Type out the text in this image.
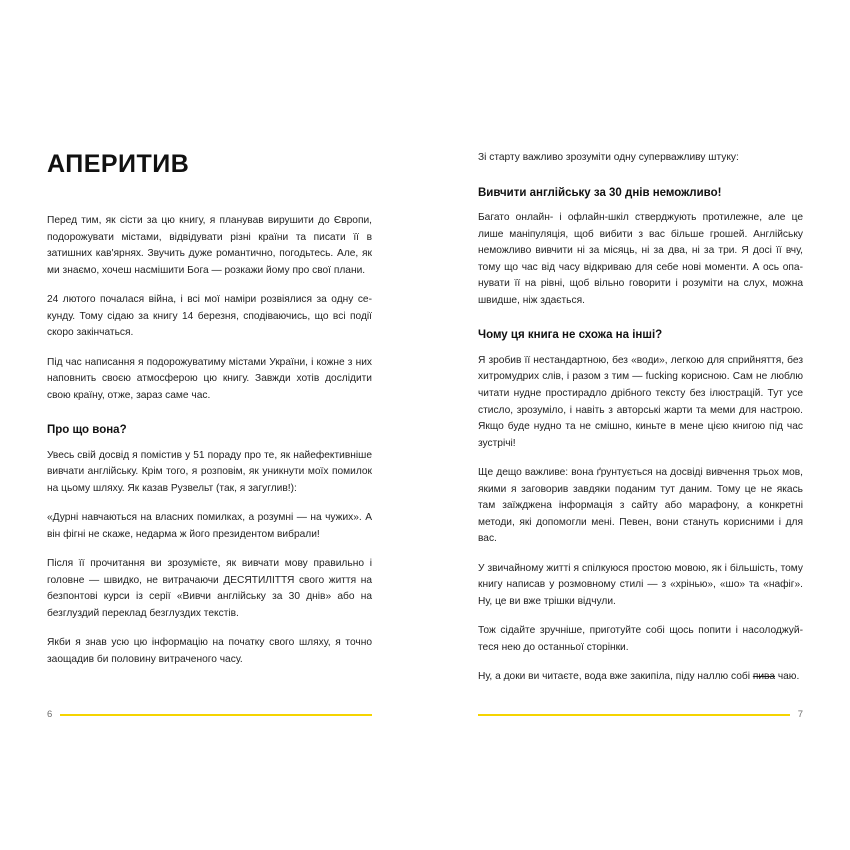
АПЕРИТИВ

Перед тим, як сісти за цю книгу, я планував вирушити до Європи, подорожувати містами, відвідувати різні країни та писати її в затишних кав'ярнях. Звучить дуже романтично, погодьтесь. Але, як ми знаємо, хочеш насмішити Бога — розкажи йому про свої плани.

24 лютого почалася війна, і всі мої наміри розвіялися за одну секунду. Тому сідаю за книгу 14 березня, сподіваючись, що всі події скоро закінчаться.

Під час написання я подорожуватиму містами України, і кожне з них наповнить своєю атмосферою цю книгу. Завжди хотів дослідити свою країну, отже, зараз саме час.

Про що вона?

Увесь свій досвід я помістив у 51 пораду про те, як найефективніше вивчати англійську. Крім того, я розповім, як уникнути моїх помилок на цьому шляху. Як казав Рузвельт (так, я загуглив!):

«Дурні навчаються на власних помилках, а розумні — на чужих». А він фігні не скаже, недарма ж його президентом вибрали!

Після її прочитання ви зрозумієте, як вивчати мову правильно і головне — швидко, не витрачаючи ДЕСЯТИЛІТТЯ свого життя на безпонтові курси із серії «Вивчи англійську за 30 днів» або на безглуздий переклад безглуздих текстів.

Якби я знав усю цю інформацію на початку свого шляху, я точно заощадив би половину витраченого часу.

Зі старту важливо зрозуміти одну суперважливу штуку:

Вивчити англійську за 30 днів неможливо!

Багато онлайн- і офлайн-шкіл стверджують протилежне, але це лише маніпуляція, щоб вибити з вас більше грошей. Англійську неможливо вивчити ні за місяць, ні за два, ні за три. Я досі її вчу, тому що час від часу відкриваю для себе нові моменти. А ось опанувати її на рівні, щоб вільно говорити і розуміти на слух, можна швидше, ніж здається.

Чому ця книга не схожа на інші?

Я зробив її нестандартною, без «води», легкою для сприйняття, без хитромудрих слів, і разом з тим — fucking корисною. Сам не люблю читати нудне простирадло дрібного тексту без ілюстрацій. Тут усе стисло, зрозуміло, і навіть з авторські жарти та меми для настрою. Якщо буде нудно та не смішно, киньте в мене цією книгою під час зустрічі!

Ще дещо важливе: вона ґрунтується на досвіді вивчення трьох мов, якими я заговорив завдяки поданим тут даним. Тому це не якась там заїжджена інформація з сайту або марафону, а конкретні методи, які допомогли мені. Певен, вони стануть корисними і для вас.

У звичайному житті я спілкуюся простою мовою, як і більшість, тому книгу написав у розмовному стилі — з «хрінью», «шо» та «нафіг». Ну, це ви вже трішки відчули.

Тож сідайте зручніше, приготуйте собі щось попити і насолоджуйтеся нею до останньої сторінки.

Ну, а доки ви читаєте, вода вже закипіла, піду наллю собі пива чаю.

6	7
